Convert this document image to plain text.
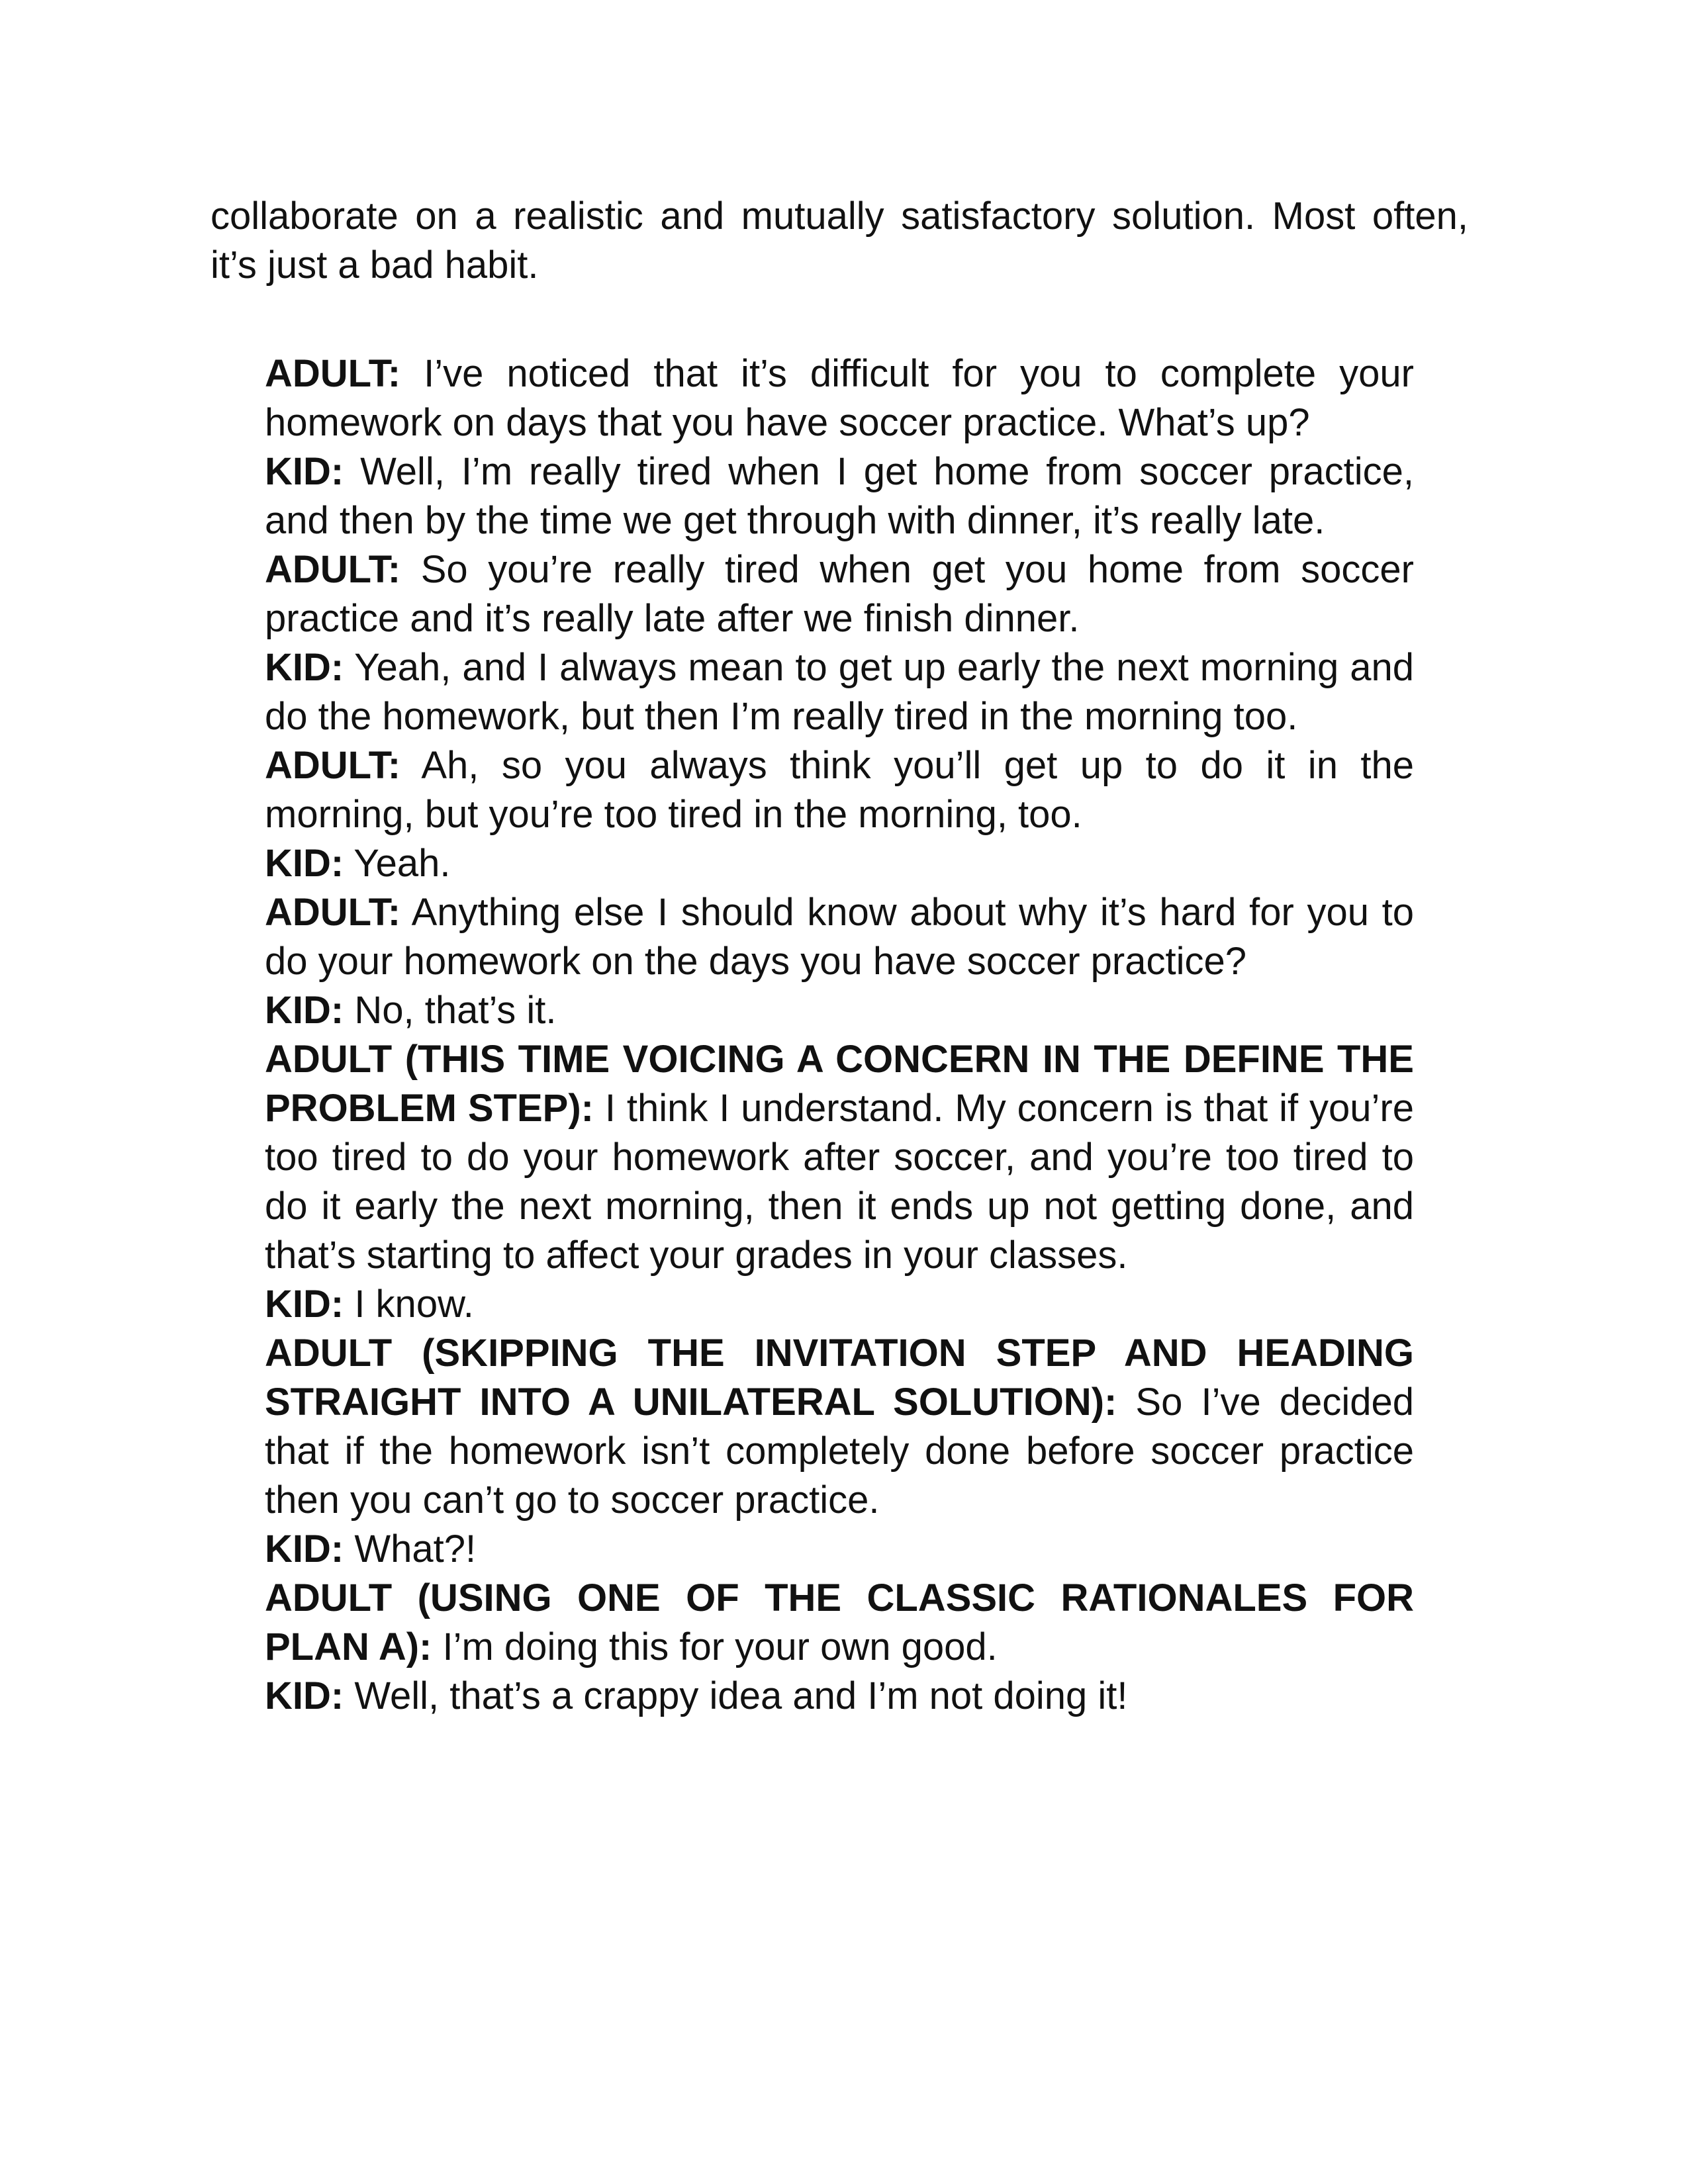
collaborate on a realistic and mutually satisfactory solution. Most often, it’s just a bad habit.

ADULT: I’ve noticed that it’s difficult for you to complete your homework on days that you have soccer practice. What’s up?

KID: Well, I’m really tired when I get home from soccer practice, and then by the time we get through with dinner, it’s really late.

ADULT: So you’re really tired when get you home from soccer practice and it’s really late after we finish dinner.

KID: Yeah, and I always mean to get up early the next morning and do the homework, but then I’m really tired in the morning too.

ADULT: Ah, so you always think you’ll get up to do it in the morning, but you’re too tired in the morning, too.

KID: Yeah.

ADULT: Anything else I should know about why it’s hard for you to do your homework on the days you have soccer practice?

KID: No, that’s it.

ADULT (THIS TIME VOICING A CONCERN IN THE DEFINE THE PROBLEM STEP): I think I understand. My concern is that if you’re too tired to do your homework after soccer, and you’re too tired to do it early the next morning, then it ends up not getting done, and that’s starting to affect your grades in your classes.

KID: I know.

ADULT (SKIPPING THE INVITATION STEP AND HEADING STRAIGHT INTO A UNILATERAL SOLUTION): So I’ve decided that if the homework isn’t completely done before soccer practice then you can’t go to soccer practice.

KID: What?!

ADULT (USING ONE OF THE CLASSIC RATIONALES FOR PLAN A): I’m doing this for your own good.

KID: Well, that’s a crappy idea and I’m not doing it!
